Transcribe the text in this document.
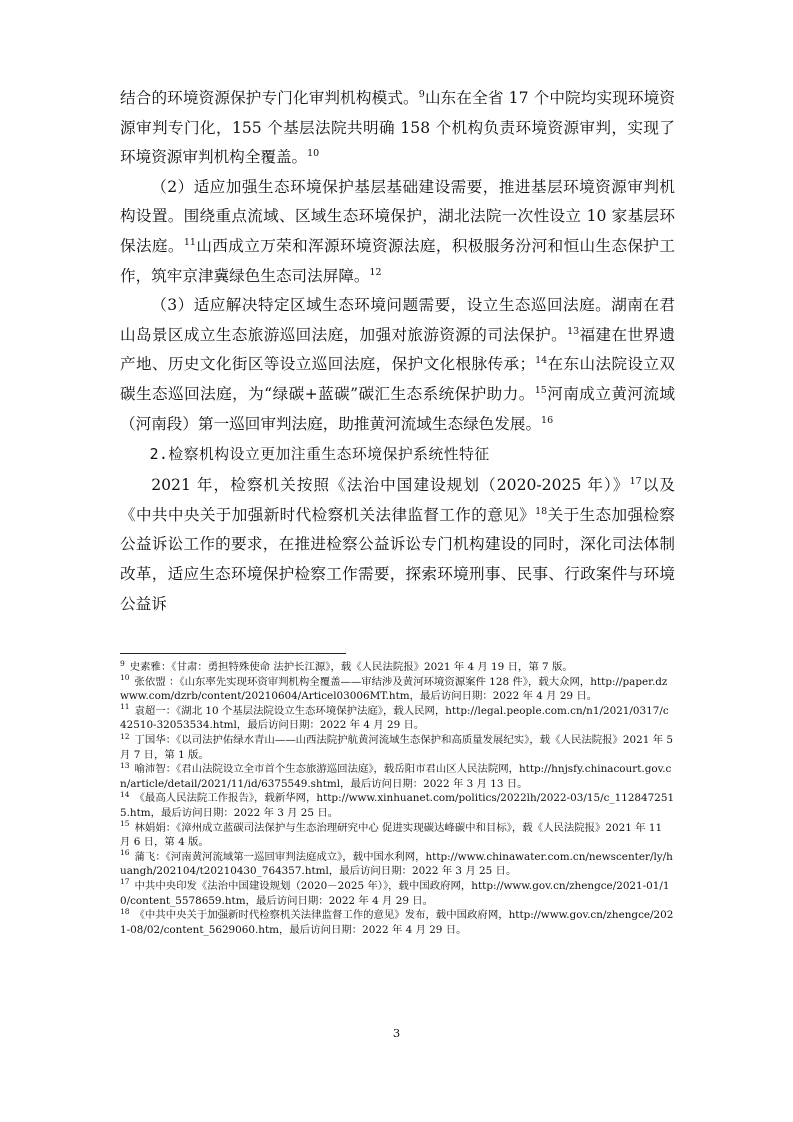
结合的环境资源保护专门化审判机构模式。$^9$山东在全省 17 个中院均实现环境资源审判专门化，155 个基层法院共明确 158 个机构负责环境资源审判，实现了环境资源审判机构全覆盖。$^{10}$

（2）适应加强生态环境保护基层基础建设需要，推进基层环境资源审判机构设置。围绕重点流域、区域生态环境保护，湖北法院一次性设立 10 家基层环保法庭。$^{11}$山西成立万荣和浑源环境资源法庭，积极服务汾河和恒山生态保护工作，筑牢京津冀绿色生态司法屏障。$^{12}$

（3）适应解决特定区域生态环境问题需要，设立生态巡回法庭。湖南在君山岛景区成立生态旅游巡回法庭，加强对旅游资源的司法保护。$^{13}$福建在世界遗产地、历史文化街区等设立巡回法庭，保护文化根脉传承；$^{14}$在东山法院设立双碳生态巡回法庭，为“绿碳+蓝碳”碳汇生态系统保护助力。$^{15}$河南成立黄河流域（河南段）第一巡回审判法庭，助推黄河流域生态绿色发展。$^{16}$

2.检察机构设立更加注重生态环境保护系统性特征

2021 年，检察机关按照《法治中国建设规划（2020-2025 年）》$^{17}$以及《中共中央关于加强新时代检察机关法律监督工作的意见》$^{18}$关于生态加强检察公益诉讼工作的要求，在推进检察公益诉讼专门机构建设的同时，深化司法体制改革，适应生态环境保护检察工作需要，探索环境刑事、民事、行政案件与环境公益诉

$^9$ 史素雅：《甘肃：勇担特殊使命 法护长江源》，载《人民法院报》2021 年 4 月 19 日，第 7 版。

$^{10}$ 张依盟 ：《山东率先实现环资审判机构全覆盖——审结涉及黄河环境资源案件 128 件》，载大众网，http://paper.dzwww.com/dzrb/content/20210604/Articel03006MT.htm，最后访问日期：2022 年 4 月 29 日。

$^{11}$ 袁超一：《湖北 10 个基层法院设立生态环境保护法庭》，载人民网，http://legal.people.com.cn/n1/2021/0317/c42510-32053534.html，最后访问日期：2022 年 4 月 29 日。

$^{12}$ 丁国华：《以司法护佑绿水青山——山西法院护航黄河流域生态保护和高质量发展纪实》，载《人民法院报》2021 年 5 月 7 日，第 1 版。

$^{13}$ 喻沛智：《君山法院设立全市首个生态旅游巡回法庭》，载岳阳市君山区人民法院网，http://hnjsfy.chinacourt.gov.cn/article/detail/2021/11/id/6375549.shtml，最后访问日期：2022 年 3 月 13 日。

$^{14}$ 《最高人民法院工作报告》，载新华网，http://www.xinhuanet.com/politics/2022lh/2022-03/15/c_1128472515.htm，最后访问日期：2022 年 3 月 25 日。

$^{15}$ 林娟娟：《漳州成立蓝碳司法保护与生态治理研究中心 促进实现碳达峰碳中和目标》，载《人民法院报》2021 年 11 月 6 日，第 4 版。

$^{16}$ 蒲飞：《河南黄河流域第一巡回审判法庭成立》，载中国水利网，http://www.chinawater.com.cn/newscenter/ly/huangh/202104/t20210430_764357.html，最后访问日期：2022 年 3 月 25 日。

$^{17}$ 中共中央印发《法治中国建设规划（2020－2025 年）》，载中国政府网，http://www.gov.cn/zhengce/2021-01/10/content_5578659.htm，最后访问日期：2022 年 4 月 29 日。

$^{18}$ 《中共中央关于加强新时代检察机关法律监督工作的意见》发布，载中国政府网，http://www.gov.cn/zhengce/2021-08/02/content_5629060.htm，最后访问日期：2022 年 4 月 29 日。

3
